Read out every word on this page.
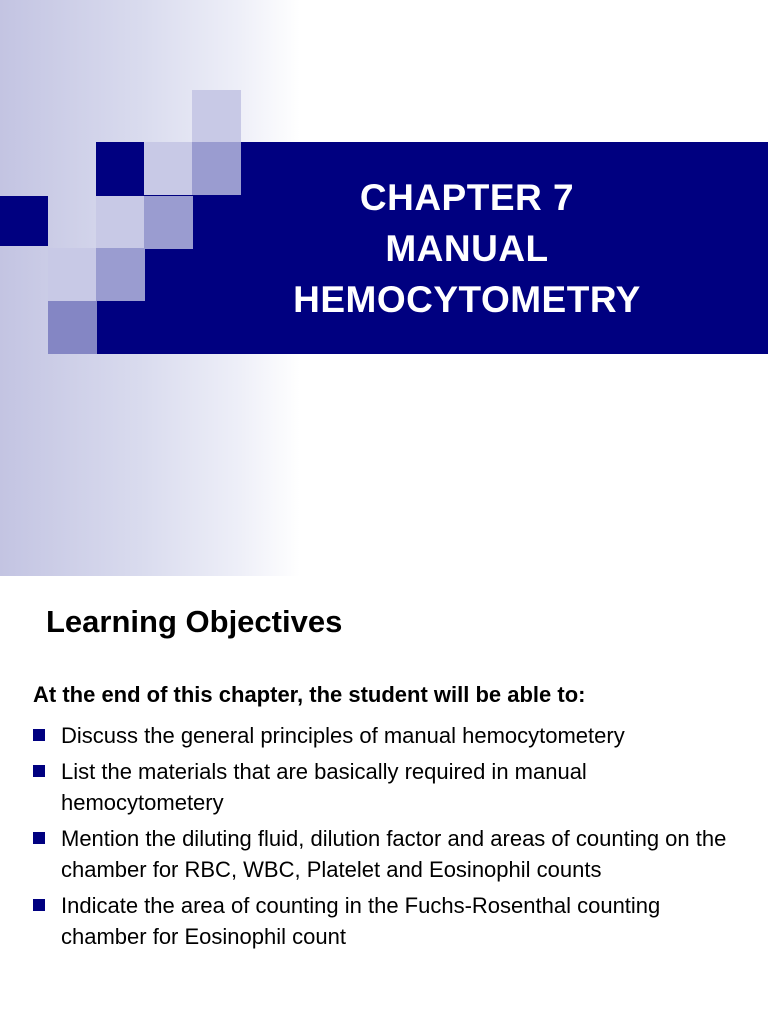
CHAPTER 7
MANUAL
HEMOCYTOMETRY
Learning Objectives
At the end of this chapter, the student will be able to:
Discuss the general principles of manual hemocytometery
List the materials that are basically required in manual hemocytometery
Mention the diluting fluid, dilution factor and areas of counting on the chamber for RBC, WBC, Platelet and Eosinophil counts
Indicate the area of counting in the Fuchs-Rosenthal counting chamber for Eosinophil count
